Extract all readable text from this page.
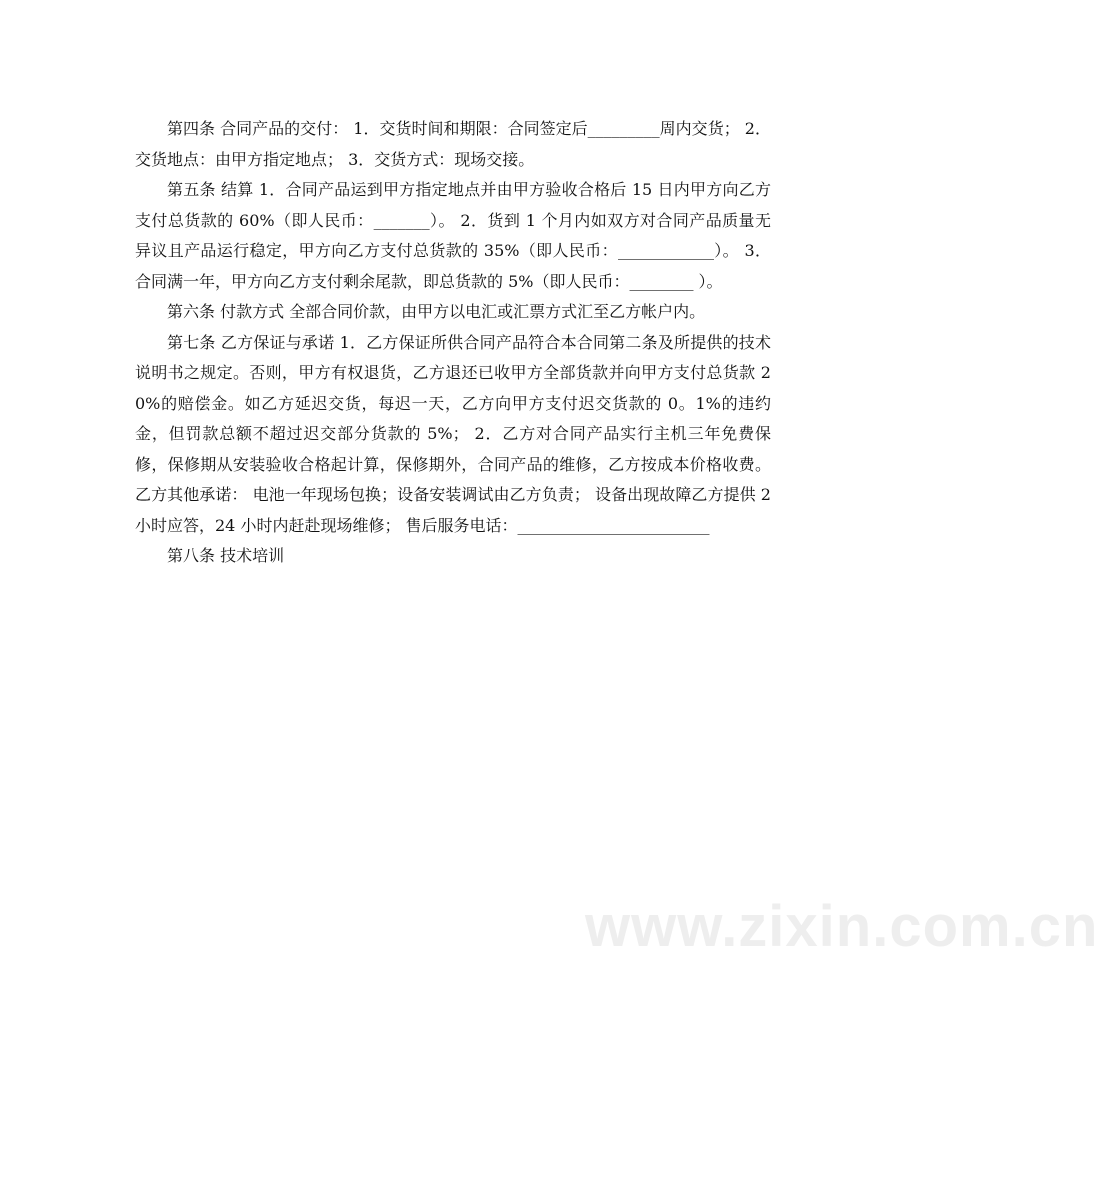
第四条 合同产品的交付： 1．交货时间和期限：合同签定后_________周内交货； 2．交货地点：由甲方指定地点； 3．交货方式：现场交接。

第五条 结算 1．合同产品运到甲方指定地点并由甲方验收合格后 15 日内甲方向乙方支付总货款的 60%（即人民币：_______）。 2．货到 1 个月内如双方对合同产品质量无异议且产品运行稳定，甲方向乙方支付总货款的 35%（即人民币：____________）。 3．合同满一年，甲方向乙方支付剩余尾款，即总货款的 5%（即人民币：________ ）。

第六条 付款方式 全部合同价款，由甲方以电汇或汇票方式汇至乙方帐户内。

第七条 乙方保证与承诺 1．乙方保证所供合同产品符合本合同第二条及所提供的技术说明书之规定。否则，甲方有权退货，乙方退还已收甲方全部货款并向甲方支付总货款 20%的赔偿金。如乙方延迟交货，每迟一天，乙方向甲方支付迟交货款的 0。1%的违约金，但罚款总额不超过迟交部分货款的 5%； 2．乙方对合同产品实行主机三年免费保修，保修期从安装验收合格起计算，保修期外，合同产品的维修，乙方按成本价格收费。 乙方其他承诺： 电池一年现场包换；设备安装调试由乙方负责； 设备出现故障乙方提供 2 小时应答，24 小时内赶赴现场维修； 售后服务电话：________________________

第八条 技术培训

www.zixin.com.cn
